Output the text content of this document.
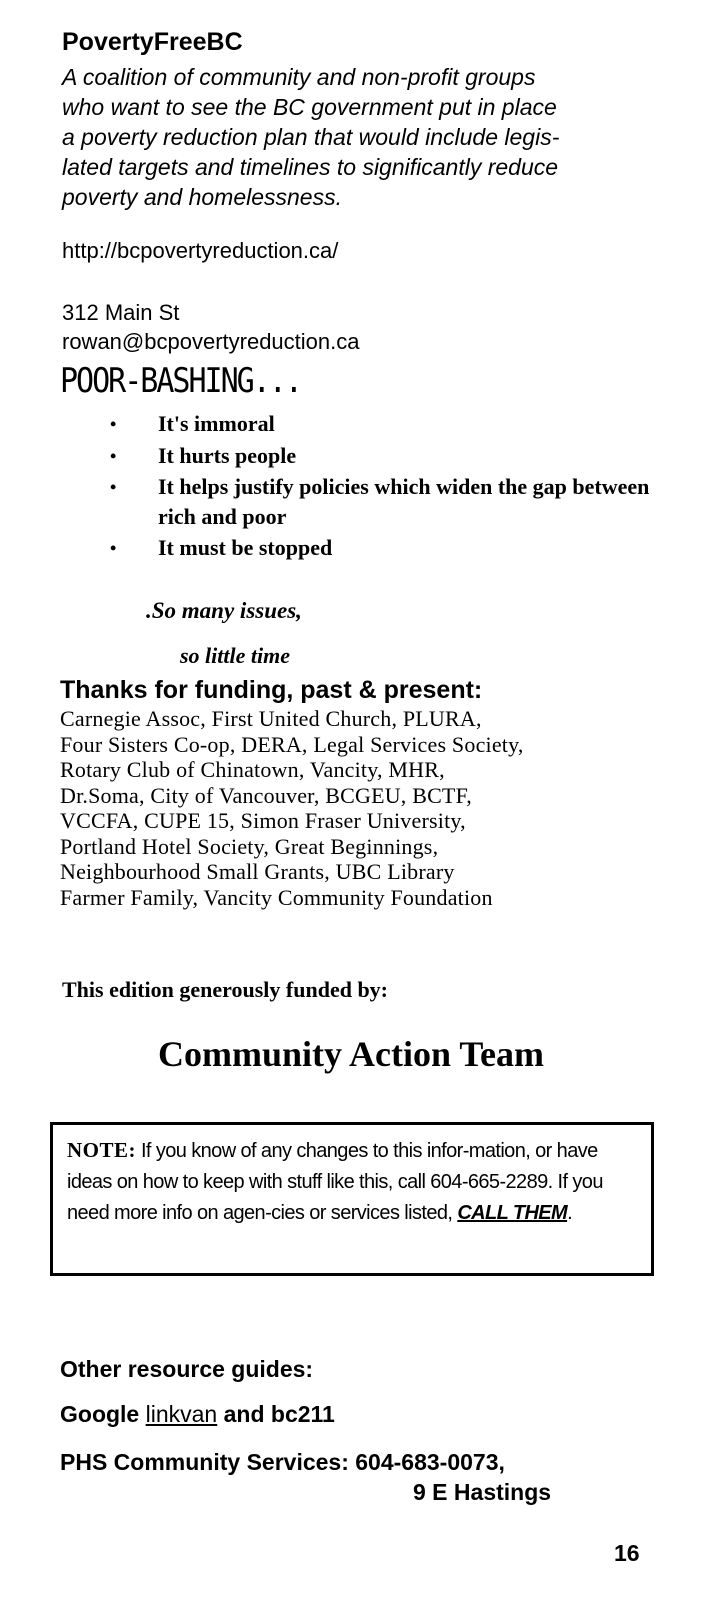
PovertyFreeBC
A coalition of community and non-profit groups
who want to see the BC government put in place
a poverty reduction plan that would include legis-
lated targets and timelines to significantly reduce
poverty and homelessness.
http://bcpovertyreduction.ca/
312 Main St
rowan@bcpovertyreduction.ca
POOR-BASHING...
• It's immoral
• It hurts people
• It helps justify policies which widen the gap between rich and poor
• It must be stopped
.So many issues,
so little time
Thanks for funding, past & present:
Carnegie Assoc, First United Church, PLURA,
Four Sisters Co-op, DERA, Legal Services Society,
Rotary Club of Chinatown, Vancity, MHR,
Dr.Soma, City of Vancouver, BCGEU, BCTF,
VCCFA, CUPE 15, Simon Fraser University,
Portland Hotel Society, Great Beginnings,
Neighbourhood Small Grants, UBC Library
Farmer Family, Vancity Community Foundation
This edition generously funded by:
Community Action Team
NOTE: If you know of any changes to this infor-mation, or have ideas on how to keep with stuff like this, call 604-665-2289. If you need more info on agen-cies or services listed, CALL THEM.
Other resource guides:
Google linkvan and bc211
PHS Community Services: 604-683-0073,
9 E Hastings
16
